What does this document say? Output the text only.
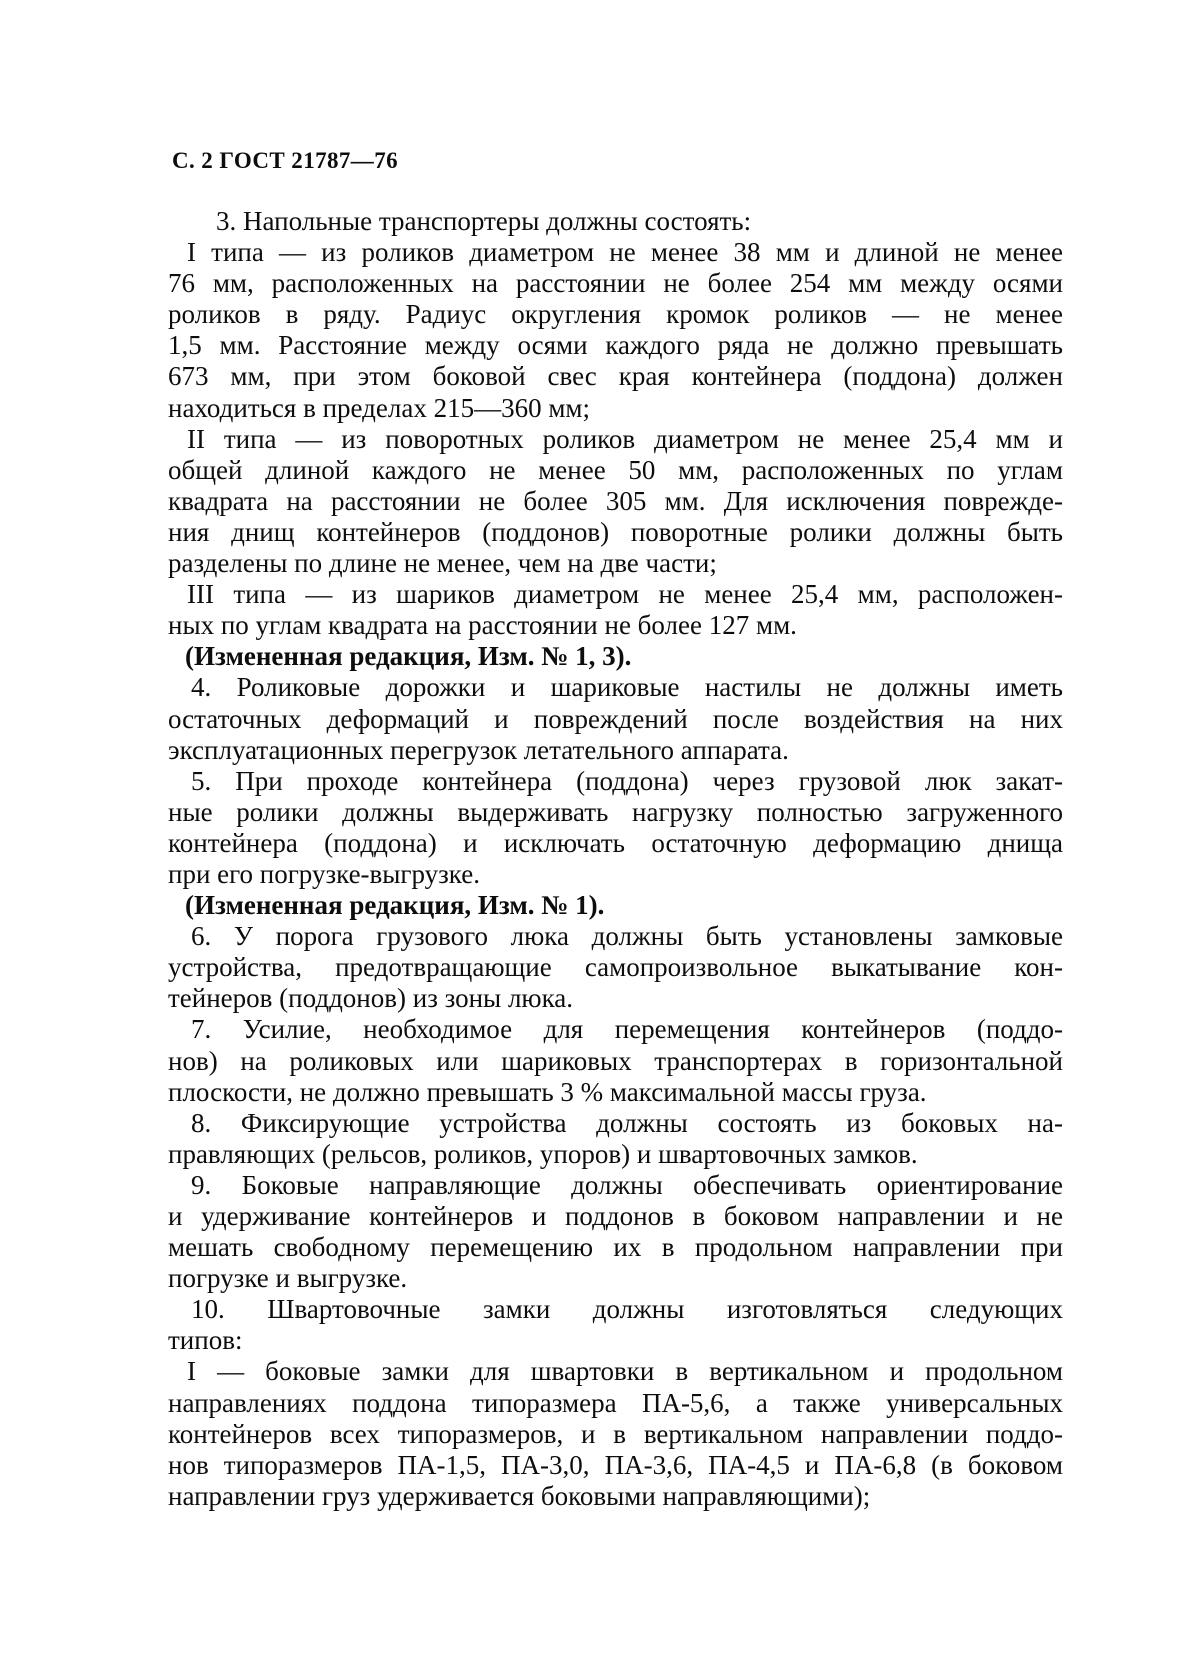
С. 2 ГОСТ 21787—76
3. Напольные транспортеры должны состоять:
I типа — из роликов диаметром не менее 38 мм и длиной не менее
76 мм, расположенных на расстоянии не более 254 мм между осями
роликов в ряду. Радиус округления кромок роликов — не менее
1,5 мм. Расстояние между осями каждого ряда не должно превышать
673 мм, при этом боковой свес края контейнера (поддона) должен
находиться в пределах 215—360 мм;
II типа — из поворотных роликов диаметром не менее 25,4 мм и
общей длиной каждого не менее 50 мм, расположенных по углам
квадрата на расстоянии не более 305 мм. Для исключения поврежде-
ния днищ контейнеров (поддонов) поворотные ролики должны быть
разделены по длине не менее, чем на две части;
III типа — из шариков диаметром не менее 25,4 мм, расположен-
ных по углам квадрата на расстоянии не более 127 мм.
(Измененная редакция, Изм. № 1, 3).
4. Роликовые дорожки и шариковые настилы не должны иметь
остаточных деформаций и повреждений после воздействия на них
эксплуатационных перегрузок летательного аппарата.
5. При проходе контейнера (поддона) через грузовой люк закат-
ные ролики должны выдерживать нагрузку полностью загруженного
контейнера (поддона) и исключать остаточную деформацию днища
при его погрузке-выгрузке.
(Измененная редакция, Изм. № 1).
6. У порога грузового люка должны быть установлены замковые
устройства, предотвращающие самопроизвольное выкатывание кон-
тейнеров (поддонов) из зоны люка.
7. Усилие, необходимое для перемещения контейнеров (поддо-
нов) на роликовых или шариковых транспортерах в горизонтальной
плоскости, не должно превышать 3 % максимальной массы груза.
8. Фиксирующие устройства должны состоять из боковых на-
правляющих (рельсов, роликов, упоров) и швартовочных замков.
9. Боковые направляющие должны обеспечивать ориентирование
и удерживание контейнеров и поддонов в боковом направлении и не
мешать свободному перемещению их в продольном направлении при
погрузке и выгрузке.
10. Швартовочные замки должны изготовляться следующих
типов:
I — боковые замки для швартовки в вертикальном и продольном
направлениях поддона типоразмера ПА-5,6, а также универсальных
контейнеров всех типоразмеров, и в вертикальном направлении поддо-
нов типоразмеров ПА-1,5, ПА-3,0, ПА-3,6, ПА-4,5 и ПА-6,8 (в боковом
направлении груз удерживается боковыми направляющими);
